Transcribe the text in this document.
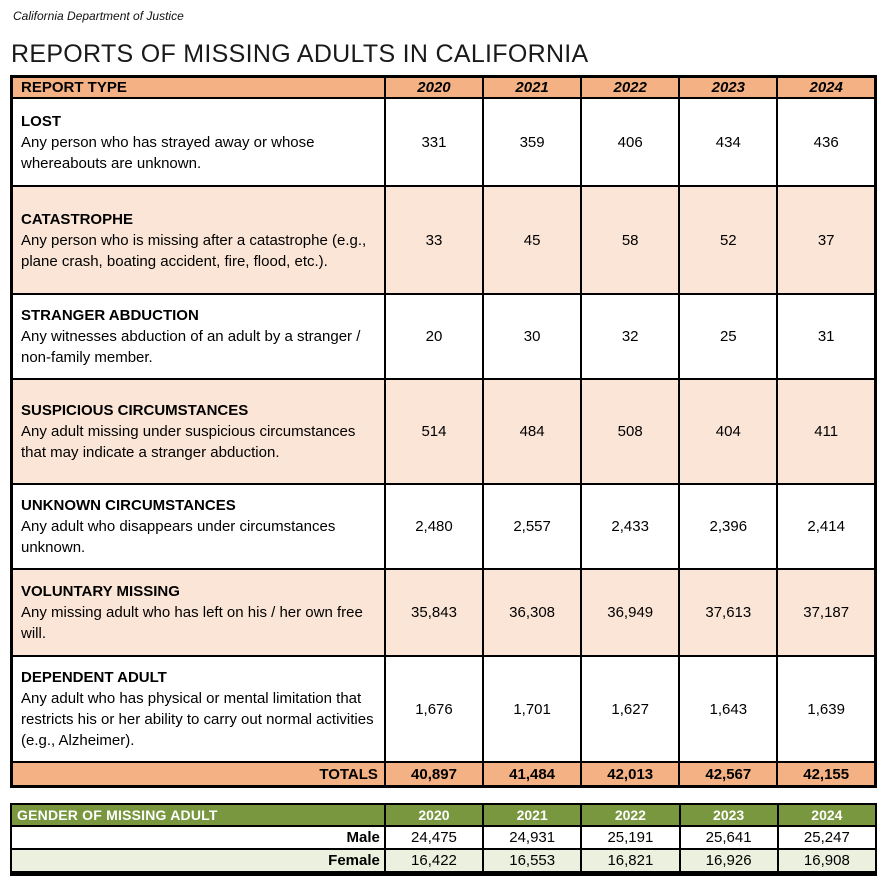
California Department of Justice
REPORTS OF MISSING ADULTS IN CALIFORNIA
REPORT TYPE	2020	2021	2022	2023	2024

LOST
Any person who has strayed away or whose whereabouts are unknown.	331	359	406	434	436

CATASTROPHE
Any person who is missing after a catastrophe (e.g., plane crash, boating accident, fire, flood, etc.).	33	45	58	52	37

STRANGER ABDUCTION
Any witnesses abduction of an adult by a stranger / non-family member.	20	30	32	25	31

SUSPICIOUS CIRCUMSTANCES
Any adult missing under suspicious circumstances that may indicate a stranger abduction.	514	484	508	404	411

UNKNOWN CIRCUMSTANCES
Any adult who disappears under circumstances unknown.	2,480	2,557	2,433	2,396	2,414

VOLUNTARY MISSING
Any missing adult who has left on his / her own free will.	35,843	36,308	36,949	37,613	37,187

DEPENDENT ADULT
Any adult who has physical or mental limitation that restricts his or her ability to carry out normal activities (e.g., Alzheimer).	1,676	1,701	1,627	1,643	1,639
TOTALS	40,897	41,484	42,013	42,567	42,155
GENDER OF MISSING ADULT	2020	2021	2022	2023	2024
Male	24,475	24,931	25,191	25,641	25,247
Female	16,422	16,553	16,821	16,926	16,908
